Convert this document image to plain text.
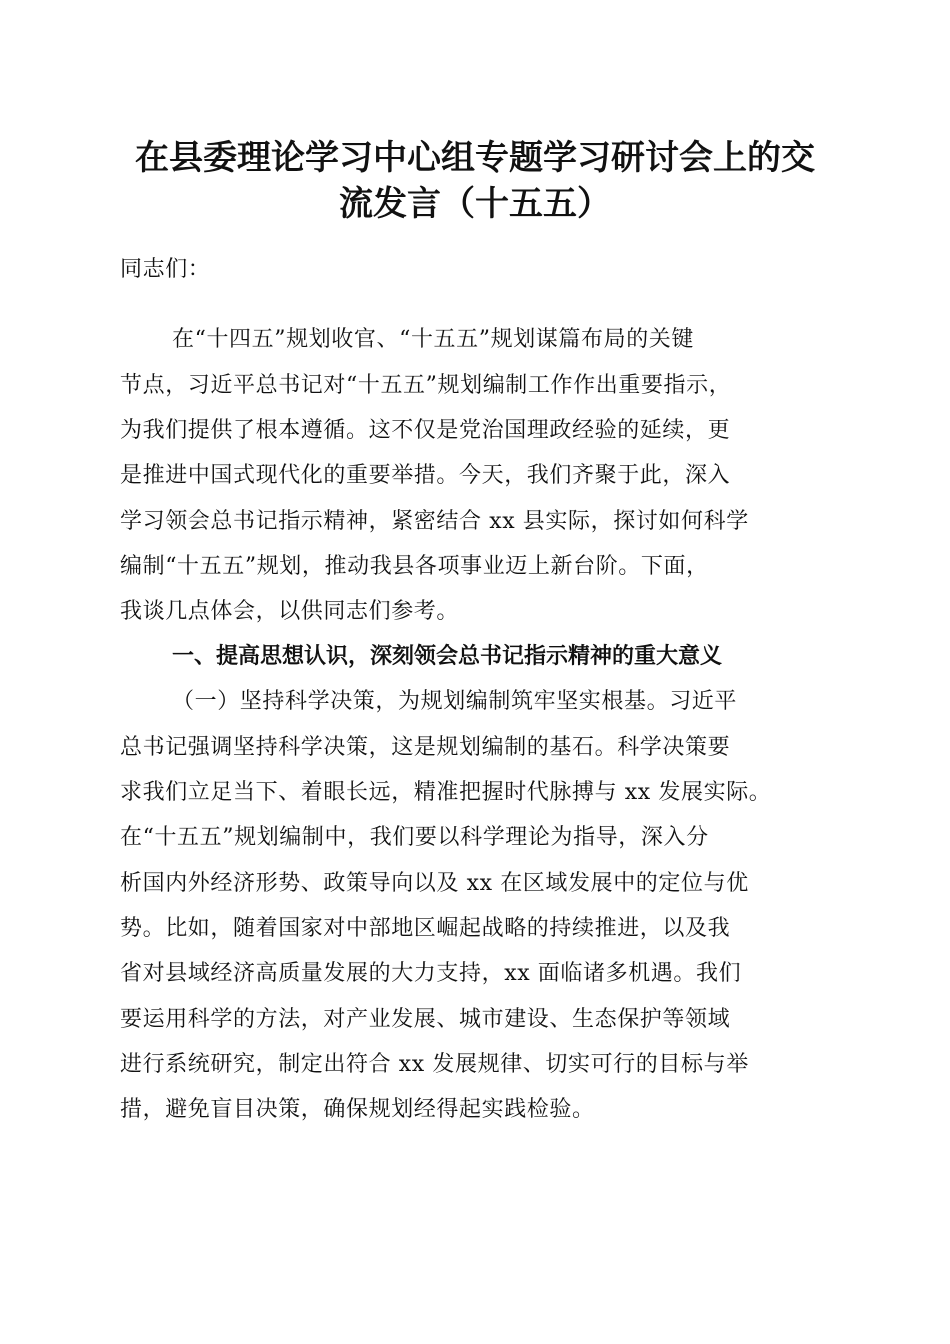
在县委理论学习中心组专题学习研讨会上的交
流发言（十五五）

同志们：

在“十四五”规划收官、“十五五”规划谋篇布局的关键

节点，习近平总书记对“十五五”规划编制工作作出重要指示，

为我们提供了根本遵循。这不仅是党治国理政经验的延续，更

是推进中国式现代化的重要举措。今天，我们齐聚于此，深入

学习领会总书记指示精神，紧密结合 xx 县实际，探讨如何科学

编制“十五五”规划，推动我县各项事业迈上新台阶。下面，

我谈几点体会，以供同志们参考。

一、提高思想认识，深刻领会总书记指示精神的重大意义

（一）坚持科学决策，为规划编制筑牢坚实根基。习近平

总书记强调坚持科学决策，这是规划编制的基石。科学决策要

求我们立足当下、着眼长远，精准把握时代脉搏与 xx 发展实际。

在“十五五”规划编制中，我们要以科学理论为指导，深入分

析国内外经济形势、政策导向以及 xx 在区域发展中的定位与优

势。比如，随着国家对中部地区崛起战略的持续推进，以及我

省对县域经济高质量发展的大力支持，xx 面临诸多机遇。我们

要运用科学的方法，对产业发展、城市建设、生态保护等领域

进行系统研究，制定出符合 xx 发展规律、切实可行的目标与举

措，避免盲目决策，确保规划经得起实践检验。
